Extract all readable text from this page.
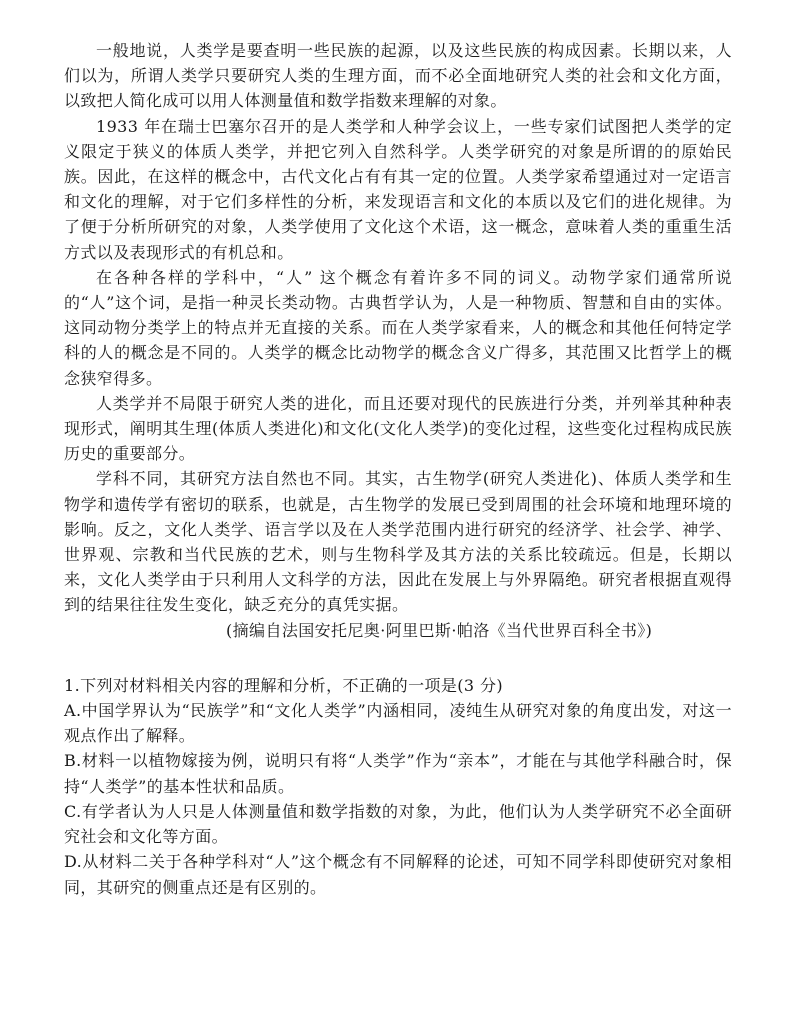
一般地说，人类学是要查明一些民族的起源，以及这些民族的构成因素。长期以来，人们以为，所谓人类学只要研究人类的生理方面，而不必全面地研究人类的社会和文化方面，以致把人简化成可以用人体测量值和数学指数来理解的对象。

1933 年在瑞士巴塞尔召开的是人类学和人种学会议上，一些专家们试图把人类学的定义限定于狭义的体质人类学，并把它列入自然科学。人类学研究的对象是所谓的的原始民族。因此，在这样的概念中，古代文化占有有其一定的位置。人类学家希望通过对一定语言和文化的理解，对于它们多样性的分析，来发现语言和文化的本质以及它们的进化规律。为了便于分析所研究的对象，人类学使用了文化这个术语，这一概念，意味着人类的重重生活方式以及表现形式的有机总和。

在各种各样的学科中，“人” 这个概念有着许多不同的词义。动物学家们通常所说的“人”这个词，是指一种灵长类动物。古典哲学认为，人是一种物质、智慧和自由的实体。这同动物分类学上的特点并无直接的关系。而在人类学家看来，人的概念和其他任何特定学科的人的概念是不同的。人类学的概念比动物学的概念含义广得多，其范围又比哲学上的概念狭窄得多。

人类学并不局限于研究人类的进化，而且还要对现代的民族进行分类，并列举其种种表现形式，阐明其生理(体质人类进化)和文化(文化人类学)的变化过程，这些变化过程构成民族历史的重要部分。

学科不同，其研究方法自然也不同。其实，古生物学(研究人类进化)、体质人类学和生物学和遗传学有密切的联系，也就是，古生物学的发展已受到周围的社会环境和地理环境的影响。反之，文化人类学、语言学以及在人类学范围内进行研究的经济学、社会学、神学、世界观、宗教和当代民族的艺术，则与生物科学及其方法的关系比较疏远。但是，长期以来，文化人类学由于只利用人文科学的方法，因此在发展上与外界隔绝。研究者根据直观得到的结果往往发生变化，缺乏充分的真凭实据。

(摘编自法国安托尼奥·阿里巴斯·帕洛《当代世界百科全书》)

1.下列对材料相关内容的理解和分析，不正确的一项是(3 分)

A.中国学界认为“民族学”和“文化人类学”内涵相同，凌纯生从研究对象的角度出发，对这一观点作出了解释。

B.材料一以植物嫁接为例，说明只有将“人类学”作为“亲本”，才能在与其他学科融合时，保持“人类学”的基本性状和品质。

C.有学者认为人只是人体测量值和数学指数的对象，为此，他们认为人类学研究不必全面研究社会和文化等方面。

D.从材料二关于各种学科对“人”这个概念有不同解释的论述，可知不同学科即使研究对象相同，其研究的侧重点还是有区别的。
